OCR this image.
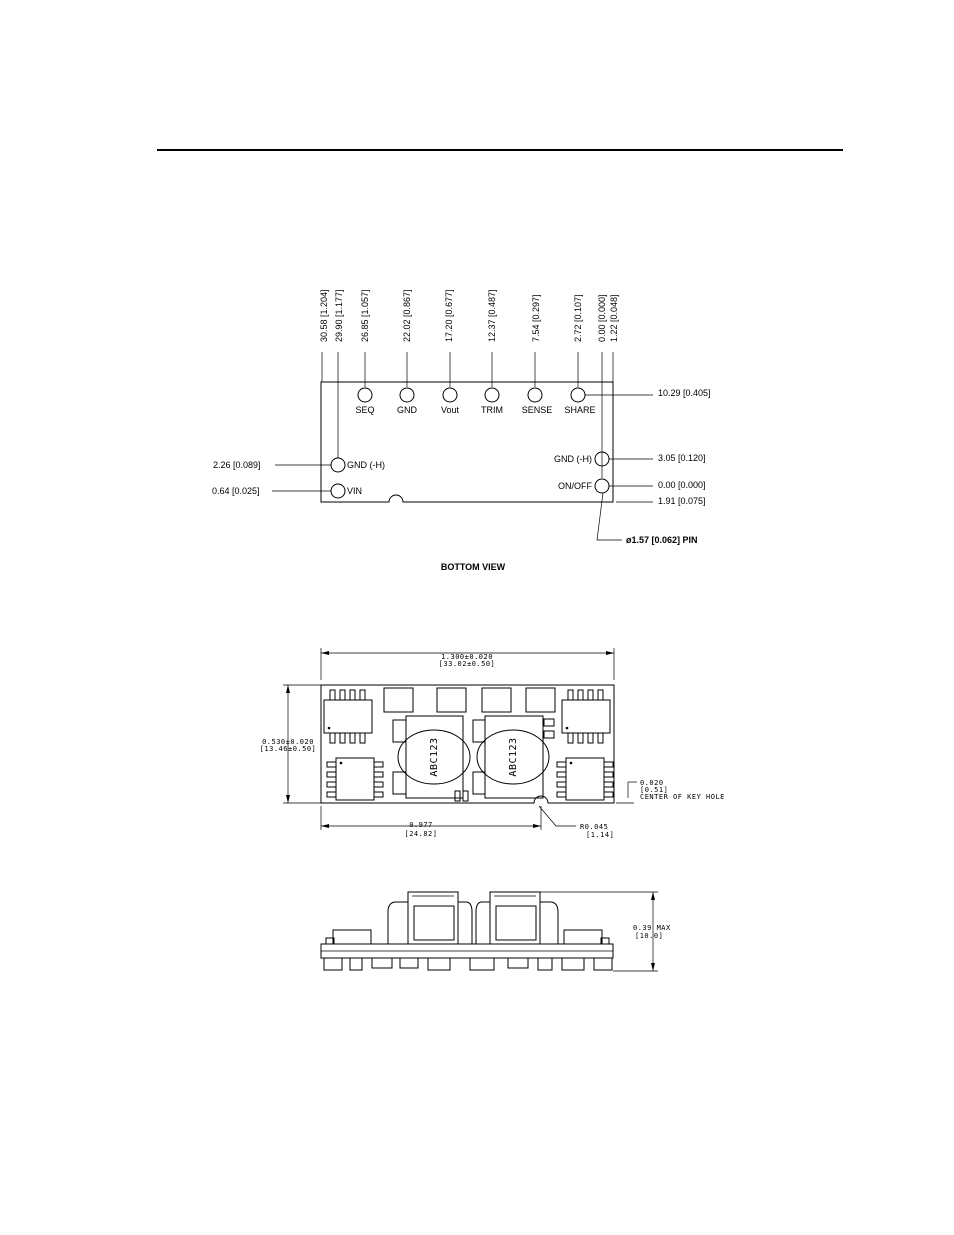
30.58 [1.204] 29.90 [1.177] 26.85 [1.057]	22.02 [0.867]	17.20 [0.677]	12.37 [0.487]	7.54 [0.297]	2.72 [0.107] 0.00 [0.000] 1.22 [0.048]
SEQ GND	Vout TRIM SENSE SHARE
10.29 [0.405]
GND (-H)
VIN
2.26 [0.089]
0.64 [0.025]
GND (-H)
ON/OFF
3.05 [0.120]
0.00 [0.000]
1.91 [0.075]
ø1.57 [0.062] PIN
BOTTOM VIEW
1.300±0.020
[33.02±0.50]
0.530±0.020
[13.46±0.50]	ABC123	ABC123
0.977
[24.82]
R0.045
[1.14]
0.020
[0.51]
CENTER OF KEY HOLE
0.39 MAX
[10.0]
